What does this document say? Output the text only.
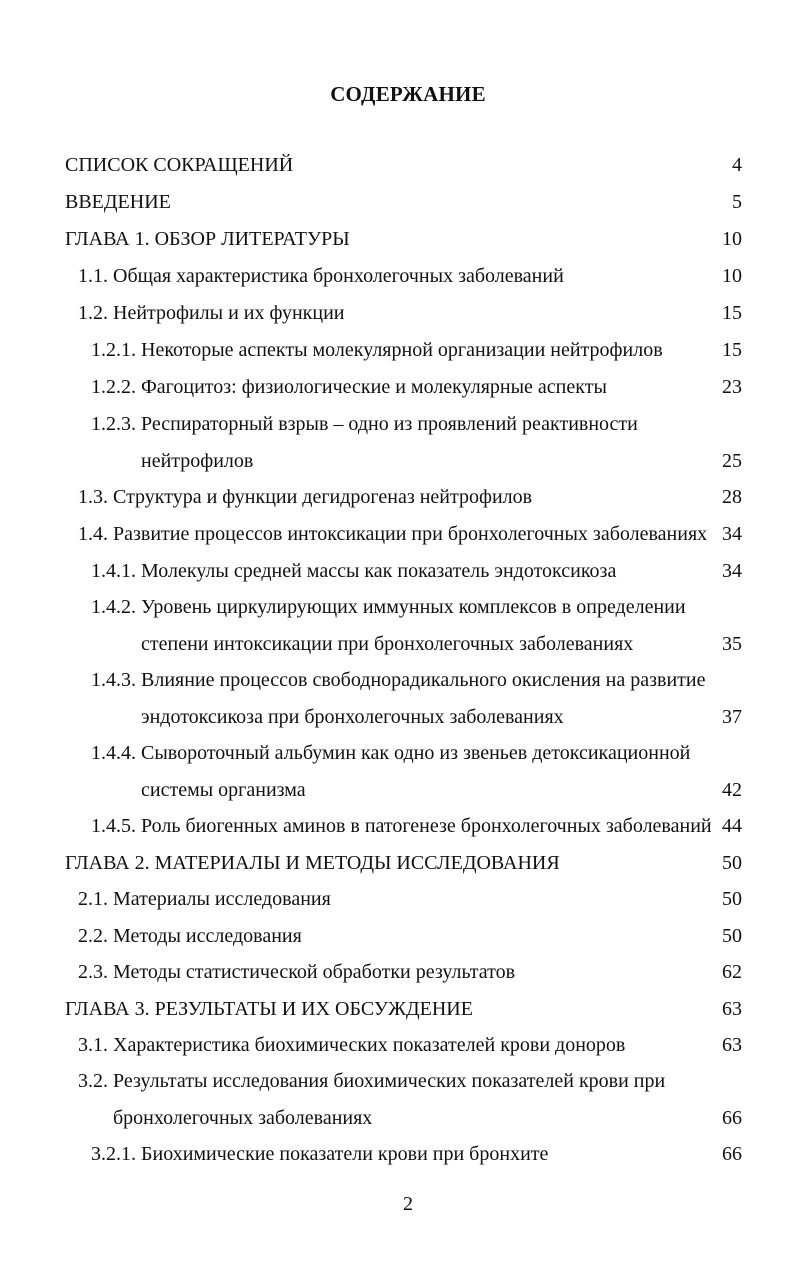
СОДЕРЖАНИЕ
СПИСОК СОКРАЩЕНИЙ	4
ВВЕДЕНИЕ	5
ГЛАВА 1. ОБЗОР ЛИТЕРАТУРЫ	10
1.1. Общая характеристика бронхолегочных заболеваний	10
1.2. Нейтрофилы и их функции	15
1.2.1. Некоторые аспекты молекулярной организации нейтрофилов	15
1.2.2. Фагоцитоз: физиологические и молекулярные аспекты	23
1.2.3. Респираторный взрыв – одно из проявлений реактивности
нейтрофилов	25
1.3. Структура и функции дегидрогеназ нейтрофилов	28
1.4. Развитие процессов интоксикации при бронхолегочных заболеваниях 34
1.4.1. Молекулы средней массы как показатель эндотоксикоза	34
1.4.2. Уровень циркулирующих иммунных комплексов в определении
степени интоксикации при бронхолегочных заболеваниях	35
1.4.3. Влияние процессов свободнорадикального окисления на развитие
эндотоксикоза при бронхолегочных заболеваниях	37
1.4.4. Сывороточный альбумин как одно из звеньев детоксикационной
системы организма	42
1.4.5. Роль биогенных аминов в патогенезе бронхолегочных заболеваний 44
ГЛАВА 2. МАТЕРИАЛЫ И МЕТОДЫ ИССЛЕДОВАНИЯ	50
2.1. Материалы исследования	50
2.2. Методы исследования	50
2.3. Методы статистической обработки результатов	62
ГЛАВА 3. РЕЗУЛЬТАТЫ И ИХ ОБСУЖДЕНИЕ	63
3.1. Характеристика биохимических показателей крови доноров	63
3.2. Результаты исследования биохимических показателей крови при
бронхолегочных заболеваниях	66
3.2.1. Биохимические показатели крови при бронхите	66
2
